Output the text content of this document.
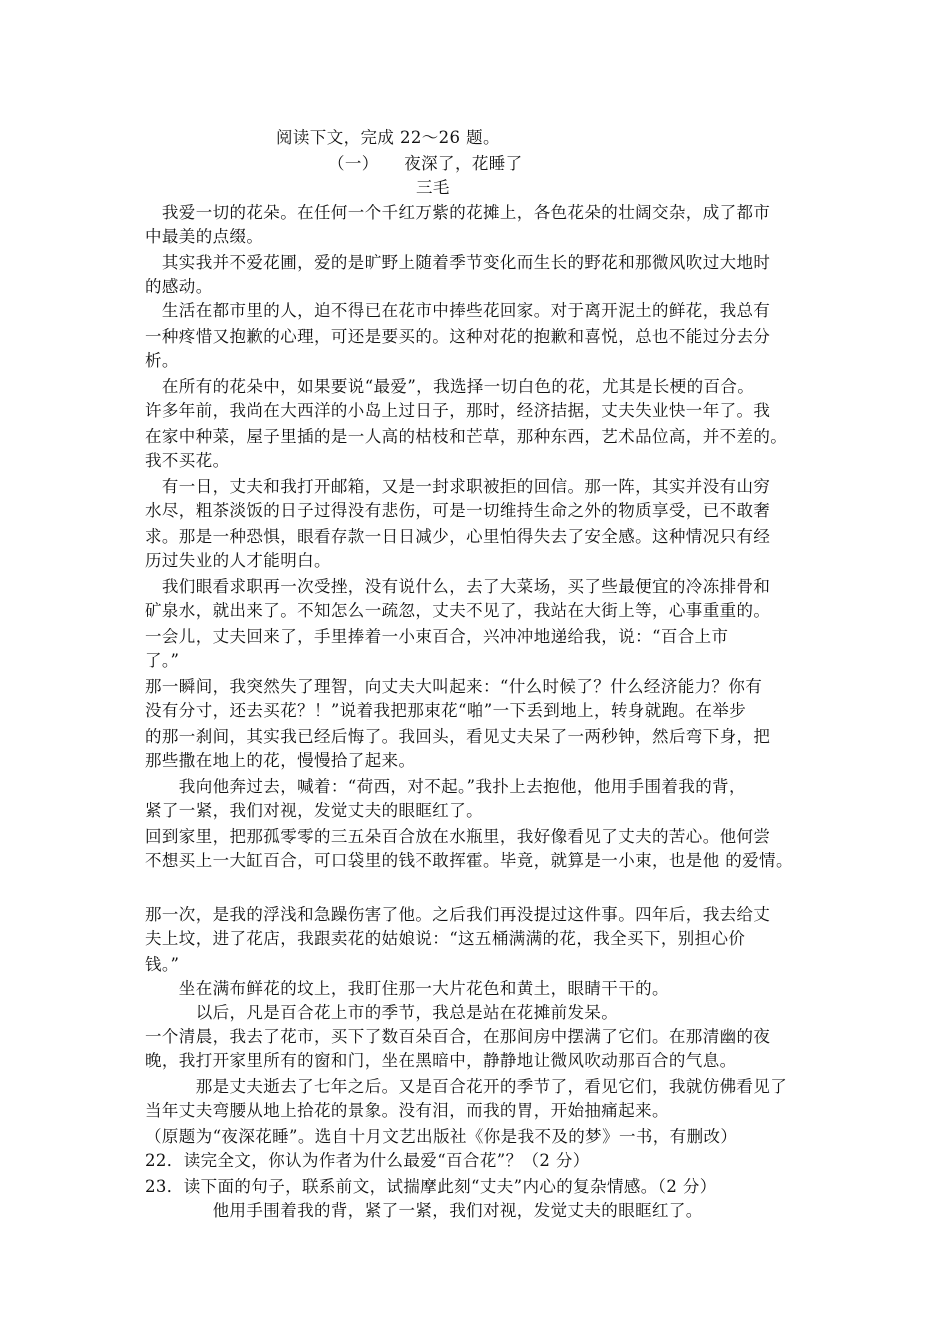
阅读下文，完成 22～26 题。
（一）　　夜深了，花睡了
三毛
　我爱一切的花朵。在任何一个千红万紫的花摊上，各色花朵的壮阔交杂，成了都市
中最美的点缀。
　其实我并不爱花圃，爱的是旷野上随着季节变化而生长的野花和那微风吹过大地时
的感动。
　生活在都市里的人，迫不得已在花市中捧些花回家。对于离开泥土的鲜花，我总有
一种疼惜又抱歉的心理，可还是要买的。这种对花的抱歉和喜悦，总也不能过分去分
析。
　在所有的花朵中，如果要说“最爱”，我选择一切白色的花，尤其是长梗的百合。
许多年前，我尚在大西洋的小岛上过日子，那时，经济拮据，丈夫失业快一年了。我
在家中种菜，屋子里插的是一人高的枯枝和芒草，那种东西，艺术品位高，并不差的。
我不买花。
　有一日，丈夫和我打开邮箱，又是一封求职被拒的回信。那一阵，其实并没有山穷
水尽，粗茶淡饭的日子过得没有悲伤，可是一切维持生命之外的物质享受，已不敢奢
求。那是一种恐惧，眼看存款一日日减少，心里怕得失去了安全感。这种情况只有经
历过失业的人才能明白。
　我们眼看求职再一次受挫，没有说什么，去了大菜场，买了些最便宜的冷冻排骨和
矿泉水，就出来了。不知怎么一疏忽，丈夫不见了，我站在大街上等，心事重重的。
一会儿，丈夫回来了，手里捧着一小束百合，兴冲冲地递给我，说：“百合上市
了。”
那一瞬间，我突然失了理智，向丈夫大叫起来：“什么时候了？什么经济能力？你有
没有分寸，还去买花？！”说着我把那束花“啪”一下丢到地上，转身就跑。在举步
的那一刹间，其实我已经后悔了。我回头，看见丈夫呆了一两秒钟，然后弯下身，把
那些撒在地上的花，慢慢拾了起来。
　　我向他奔过去，喊着：“荷西，对不起。”我扑上去抱他，他用手围着我的背，
紧了一紧，我们对视，发觉丈夫的眼眶红了。
回到家里，把那孤零零的三五朵百合放在水瓶里，我好像看见了丈夫的苦心。他何尝
不想买上一大缸百合，可口袋里的钱不敢挥霍。毕竟，就算是一小束，也是他 的爱情。
那一次，是我的浮浅和急躁伤害了他。之后我们再没提过这件事。四年后，我去给丈
夫上坟，进了花店，我跟卖花的姑娘说：“这五桶满满的花，我全买下，别担心价
钱。”
　　坐在满布鲜花的坟上，我盯住那一大片花色和黄土，眼睛干干的。
　　　以后，凡是百合花上市的季节，我总是站在花摊前发呆。
一个清晨，我去了花市，买下了数百朵百合，在那间房中摆满了它们。在那清幽的夜
晚，我打开家里所有的窗和门，坐在黑暗中，静静地让微风吹动那百合的气息。
　　　那是丈夫逝去了七年之后。又是百合花开的季节了，看见它们，我就仿佛看见了
当年丈夫弯腰从地上拾花的景象。没有泪，而我的胃，开始抽痛起来。
（原题为“夜深花睡”。选自十月文艺出版社《你是我不及的梦》一书，有删改）
22．读完全文，你认为作者为什么最爱“百合花”？（2 分）
23．读下面的句子，联系前文，试揣摩此刻“丈夫”内心的复杂情感。（2 分）
　　　　他用手围着我的背，紧了一紧，我们对视，发觉丈夫的眼眶红了。
